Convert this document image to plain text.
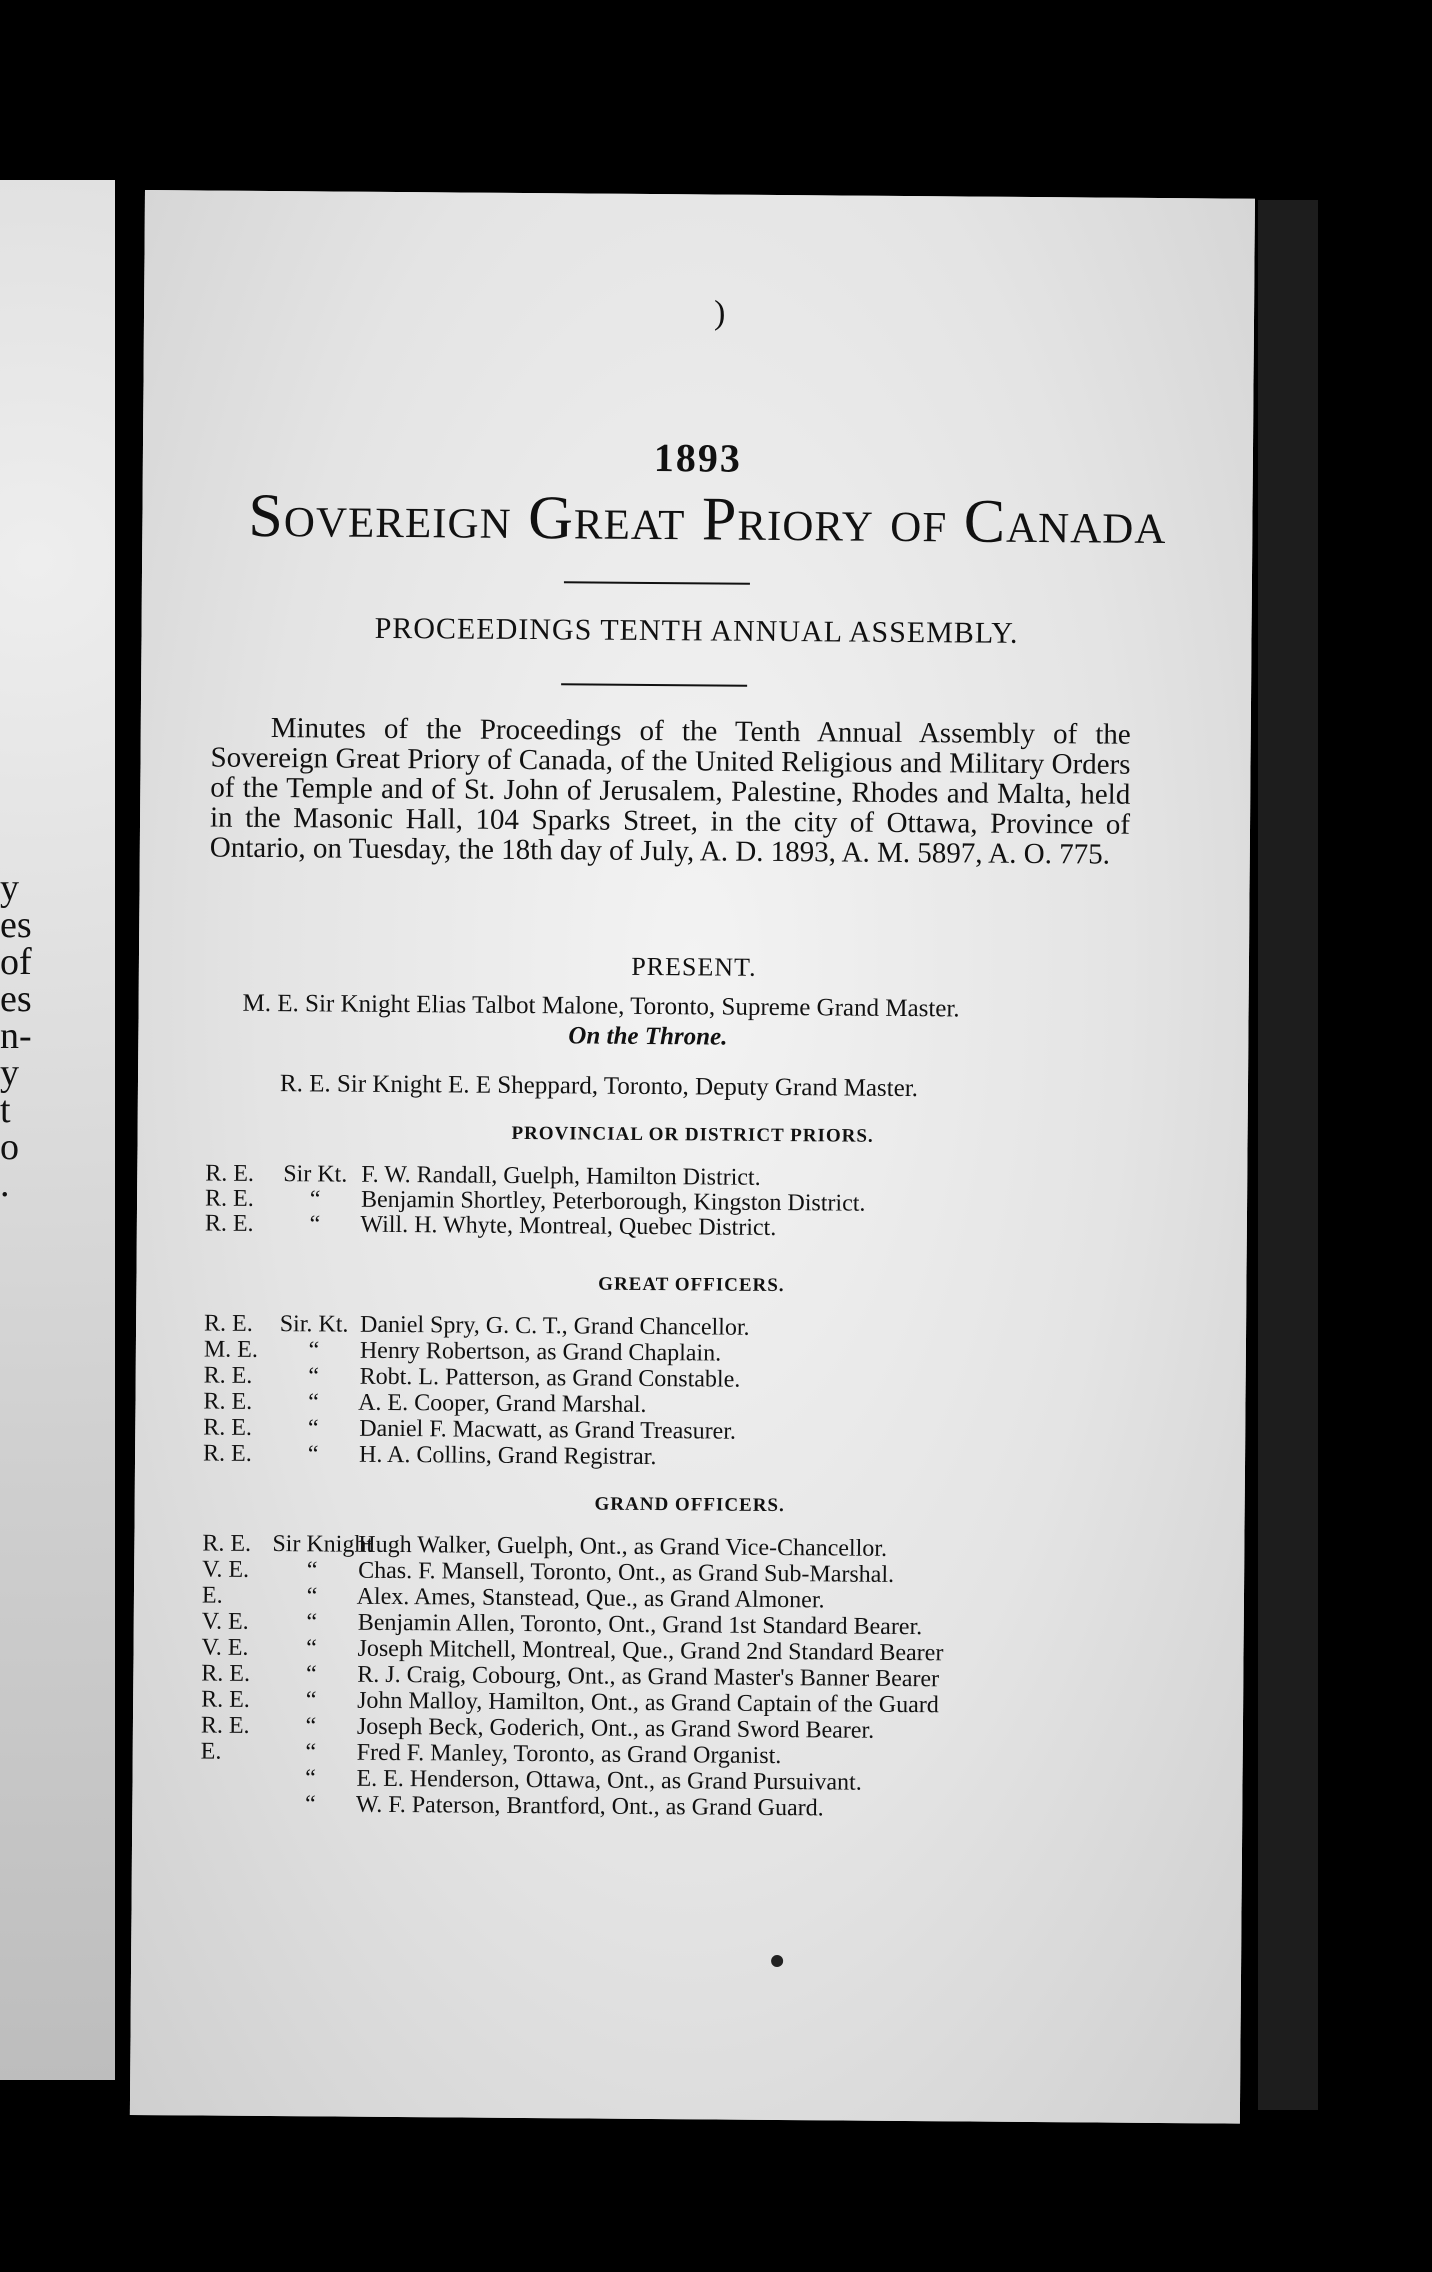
y
es
of
es
n-
y
t
o
.
)
1893
Sovereign Great Priory of Canada
PROCEEDINGS TENTH ANNUAL ASSEMBLY.

Minutes of the Proceedings of the Tenth Annual Assembly of the Sovereign Great Priory of Canada, of the United Religious and Military Orders of the Temple and of St. John of Jerusalem, Palestine, Rhodes and Malta, held in the Masonic Hall, 104 Sparks Street, in the city of Ottawa, Province of Ontario, on Tuesday, the 18th day of July, A. D. 1893, A. M. 5897, A. O. 775.

PRESENT.
M. E. Sir Knight Elias Talbot Malone, Toronto, Supreme Grand Master.
On the Throne.
R. E. Sir Knight E. E Sheppard, Toronto, Deputy Grand Master.
PROVINCIAL OR DISTRICT PRIORS.
R. E. Sir Kt. F. W. Randall, Guelph, Hamilton District.
R. E. “ Benjamin Shortley, Peterborough, Kingston District.
R. E. “ Will. H. Whyte, Montreal, Quebec District.
GREAT OFFICERS.
R. E. Sir. Kt. Daniel Spry, G. C. T., Grand Chancellor.
M. E. “ Henry Robertson, as Grand Chaplain.
R. E. “ Robt. L. Patterson, as Grand Constable.
R. E. “ A. E. Cooper, Grand Marshal.
R. E. “ Daniel F. Macwatt, as Grand Treasurer.
R. E. “ H. A. Collins, Grand Registrar.
GRAND OFFICERS.
R. E. Sir Knight Hugh Walker, Guelph, Ont., as Grand Vice-Chancellor.
V. E. “ Chas. F. Mansell, Toronto, Ont., as Grand Sub-Marshal.
E.	“ Alex. Ames, Stanstead, Que., as Grand Almoner.
V. E. “ Benjamin Allen, Toronto, Ont., Grand 1st Standard Bearer.
V. E. “ Joseph Mitchell, Montreal, Que., Grand 2nd Standard Bearer
R. E. “ R. J. Craig, Cobourg, Ont., as Grand Master's Banner Bearer
R. E. “ John Malloy, Hamilton, Ont., as Grand Captain of the Guard
R. E. “ Joseph Beck, Goderich, Ont., as Grand Sword Bearer.
E.	“ Fred F. Manley, Toronto, as Grand Organist.
“ E. E. Henderson, Ottawa, Ont., as Grand Pursuivant.
“ W. F. Paterson, Brantford, Ont., as Grand Guard.
